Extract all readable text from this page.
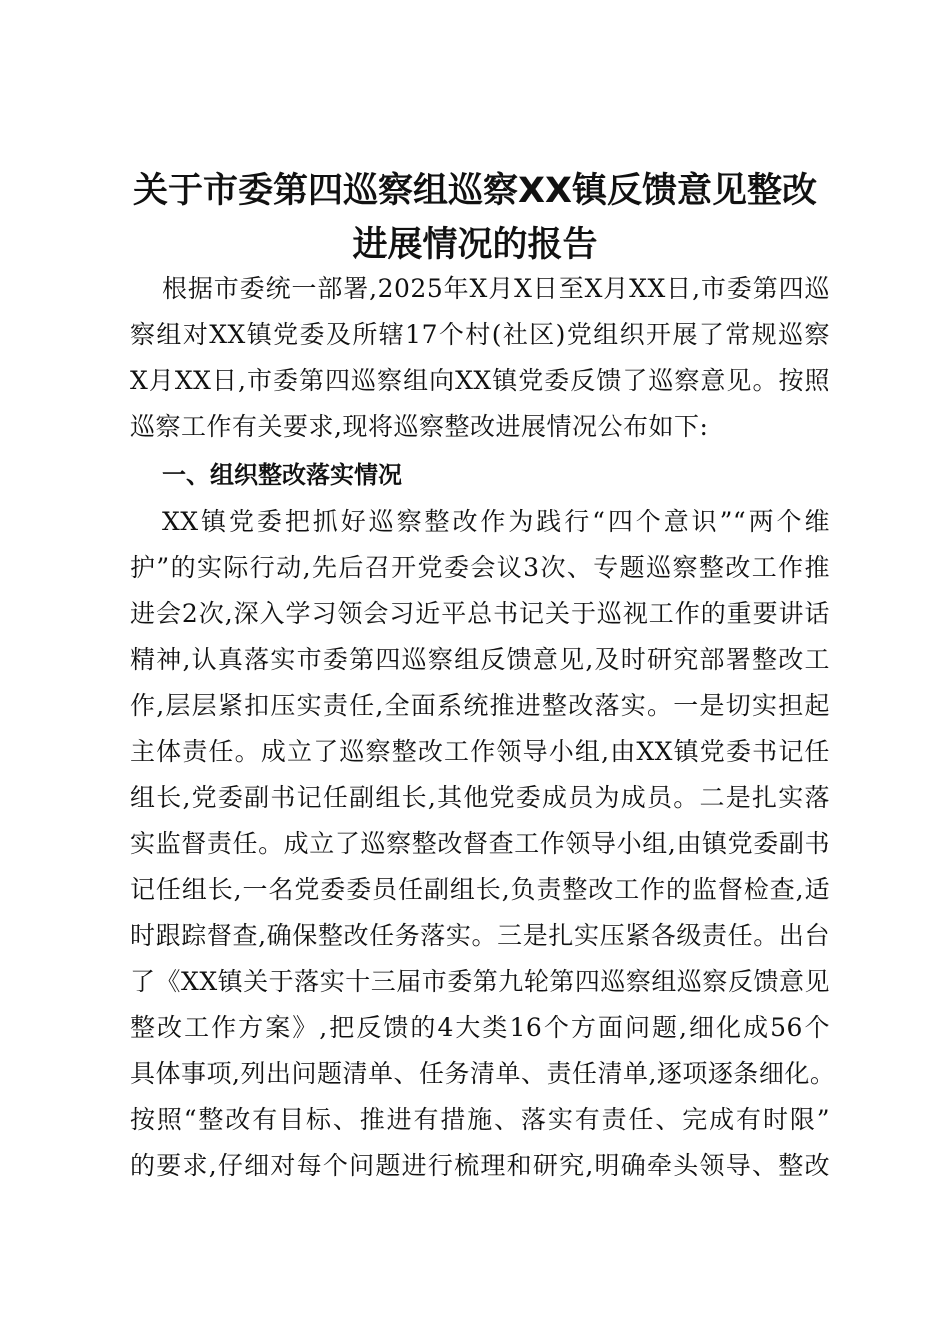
关于市委第四巡察组巡察XX镇反馈意见整改
进展情况的报告
根据市委统一部署,2025年X月X日至X月XX日,市委第四巡
察组对XX镇党委及所辖17个村(社区)党组织开展了常规巡察
X月XX日,市委第四巡察组向XX镇党委反馈了巡察意见。按照
巡察工作有关要求,现将巡察整改进展情况公布如下:
一、组织整改落实情况
XX镇党委把抓好巡察整改作为践行“四个意识”“两个维
护”的实际行动,先后召开党委会议3次、专题巡察整改工作推
进会2次,深入学习领会习近平总书记关于巡视工作的重要讲话
精神,认真落实市委第四巡察组反馈意见,及时研究部署整改工
作,层层紧扣压实责任,全面系统推进整改落实。一是切实担起
主体责任。成立了巡察整改工作领导小组,由XX镇党委书记任
组长,党委副书记任副组长,其他党委成员为成员。二是扎实落
实监督责任。成立了巡察整改督查工作领导小组,由镇党委副书
记任组长,一名党委委员任副组长,负责整改工作的监督检查,适
时跟踪督查,确保整改任务落实。三是扎实压紧各级责任。出台
了《XX镇关于落实十三届市委第九轮第四巡察组巡察反馈意见
整改工作方案》,把反馈的4大类16个方面问题,细化成56个
具体事项,列出问题清单、任务清单、责任清单,逐项逐条细化。
按照“整改有目标、推进有措施、落实有责任、完成有时限”
的要求,仔细对每个问题进行梳理和研究,明确牵头领导、整改
